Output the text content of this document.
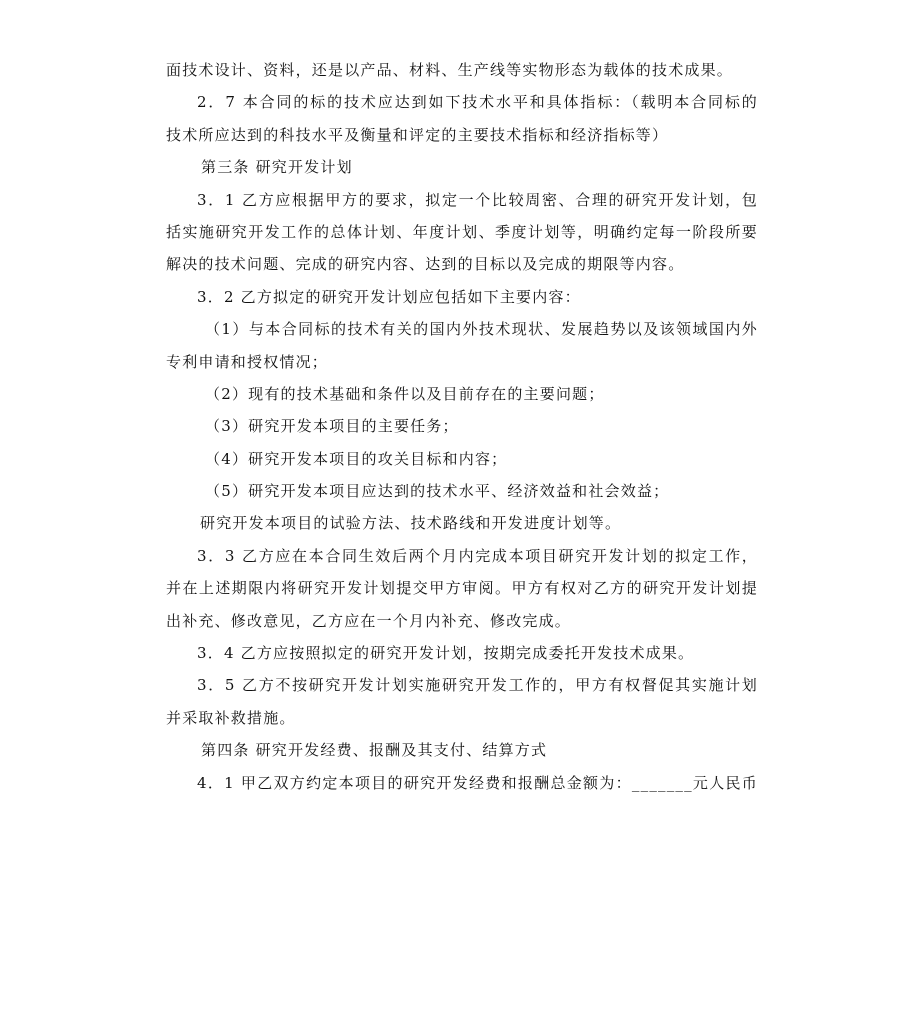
面技术设计、资料，还是以产品、材料、生产线等实物形态为载体的技术成果。
2．7 本合同的标的技术应达到如下技术水平和具体指标：（载明本合同标的
技术所应达到的科技水平及衡量和评定的主要技术指标和经济指标等）
第三条 研究开发计划
3．1 乙方应根据甲方的要求，拟定一个比较周密、合理的研究开发计划，包
括实施研究开发工作的总体计划、年度计划、季度计划等，明确约定每一阶段所要
解决的技术问题、完成的研究内容、达到的目标以及完成的期限等内容。
3．2 乙方拟定的研究开发计划应包括如下主要内容：
（1）与本合同标的技术有关的国内外技术现状、发展趋势以及该领域国内外
专利申请和授权情况；
（2）现有的技术基础和条件以及目前存在的主要问题；
（3）研究开发本项目的主要任务；
（4）研究开发本项目的攻关目标和内容；
（5）研究开发本项目应达到的技术水平、经济效益和社会效益；
研究开发本项目的试验方法、技术路线和开发进度计划等。
3．3 乙方应在本合同生效后两个月内完成本项目研究开发计划的拟定工作，
并在上述期限内将研究开发计划提交甲方审阅。甲方有权对乙方的研究开发计划提
出补充、修改意见，乙方应在一个月内补充、修改完成。
3．4 乙方应按照拟定的研究开发计划，按期完成委托开发技术成果。
3．5 乙方不按研究开发计划实施研究开发工作的，甲方有权督促其实施计划
并采取补救措施。
第四条 研究开发经费、报酬及其支付、结算方式
4．1 甲乙双方约定本项目的研究开发经费和报酬总金额为：_______元人民币
